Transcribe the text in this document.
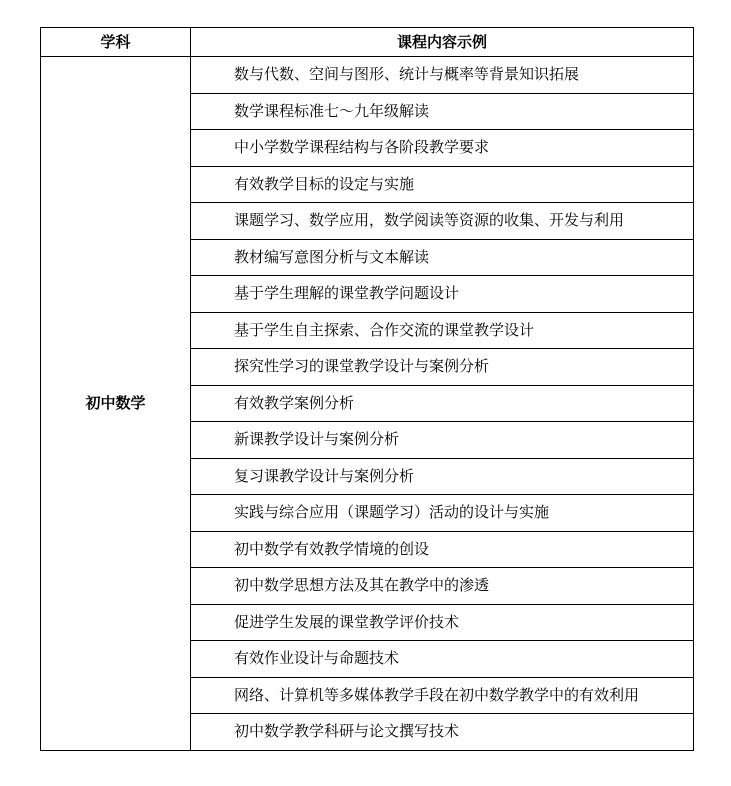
学科	课程内容示例
初中数学	数与代数、空间与图形、统计与概率等背景知识拓展
	数学课程标准七～九年级解读
	中小学数学课程结构与各阶段教学要求
	有效教学目标的设定与实施
	课题学习、数学应用，数学阅读等资源的收集、开发与利用
	教材编写意图分析与文本解读
	基于学生理解的课堂教学问题设计
	基于学生自主探索、合作交流的课堂教学设计
	探究性学习的课堂教学设计与案例分析
	有效教学案例分析
	新课教学设计与案例分析
	复习课教学设计与案例分析
	实践与综合应用（课题学习）活动的设计与实施
	初中数学有效教学情境的创设
	初中数学思想方法及其在教学中的渗透
	促进学生发展的课堂教学评价技术
	有效作业设计与命题技术
	网络、计算机等多媒体教学手段在初中数学教学中的有效利用
	初中数学教学科研与论文撰写技术
